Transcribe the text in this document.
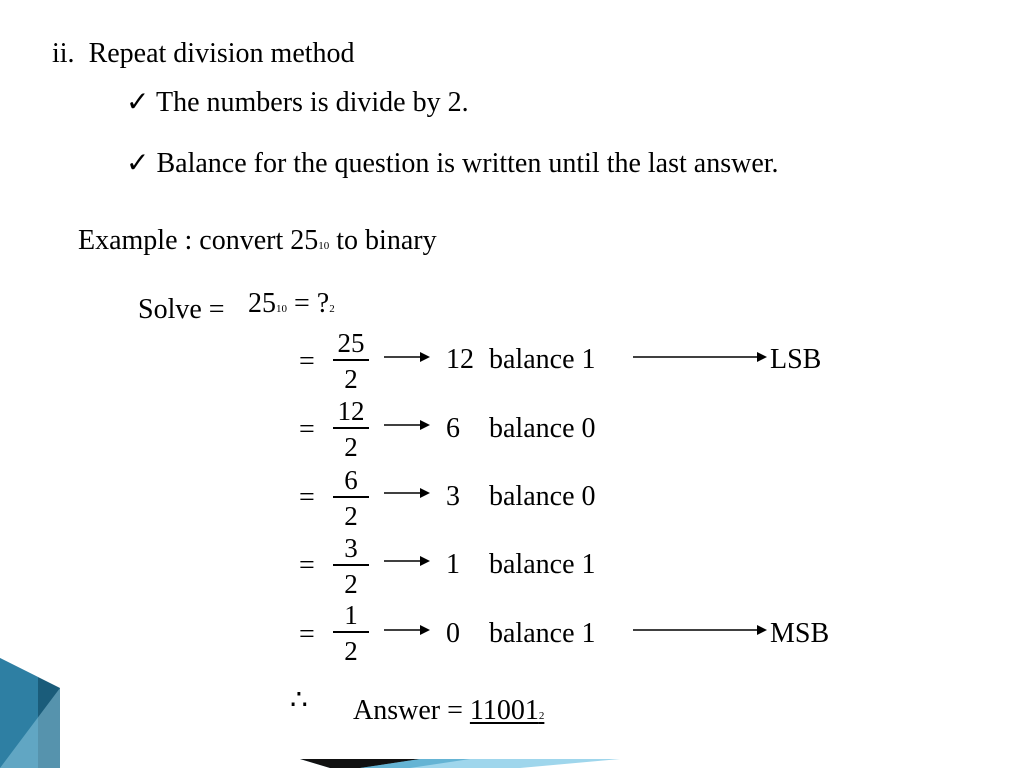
ii. Repeat division method
✓ The numbers is divide by 2.
✓ Balance for the question is written until the last answer.
Example : convert 2510 to binary
Solve = 2510 = ?2
=
25
2
12 balance 1	LSB
=
12
2
6 balance 0
=
6
2
3 balance 0
=
3
2
1 balance 1
=
1
2
0 balance 1	MSB
∴ Answer = 110012
